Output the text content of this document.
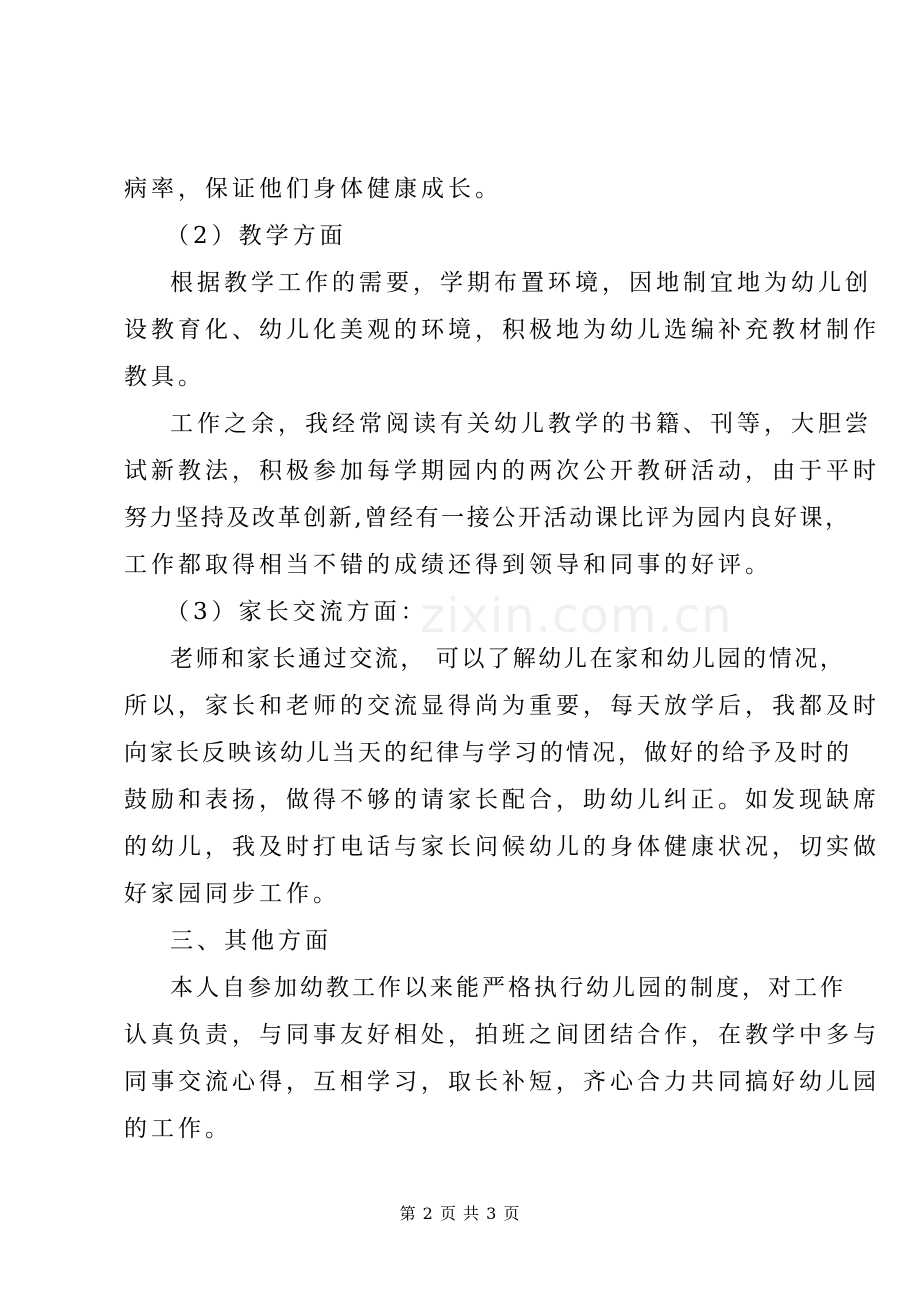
zixin.com.cn
病率，保证他们身体健康成长。
（2）教学方面
根据教学工作的需要，学期布置环境，因地制宜地为幼儿创
设教育化、幼儿化美观的环境，积极地为幼儿选编补充教材制作
教具。
工作之余，我经常阅读有关幼儿教学的书籍、刊等，大胆尝
试新教法，积极参加每学期园内的两次公开教研活动，由于平时
努力坚持及改革创新,曾经有一接公开活动课比评为园内良好课，
工作都取得相当不错的成绩还得到领导和同事的好评。
（3）家长交流方面：
老师和家长通过交流， 可以了解幼儿在家和幼儿园的情况，
所以，家长和老师的交流显得尚为重要，每天放学后，我都及时
向家长反映该幼儿当天的纪律与学习的情况，做好的给予及时的
鼓励和表扬，做得不够的请家长配合，助幼儿纠正。如发现缺席
的幼儿，我及时打电话与家长问候幼儿的身体健康状况，切实做
好家园同步工作。
三、其他方面
本人自参加幼教工作以来能严格执行幼儿园的制度，对工作
认真负责，与同事友好相处，拍班之间团结合作，在教学中多与
同事交流心得，互相学习，取长补短，齐心合力共同搞好幼儿园
的工作。
第 2 页 共 3 页
